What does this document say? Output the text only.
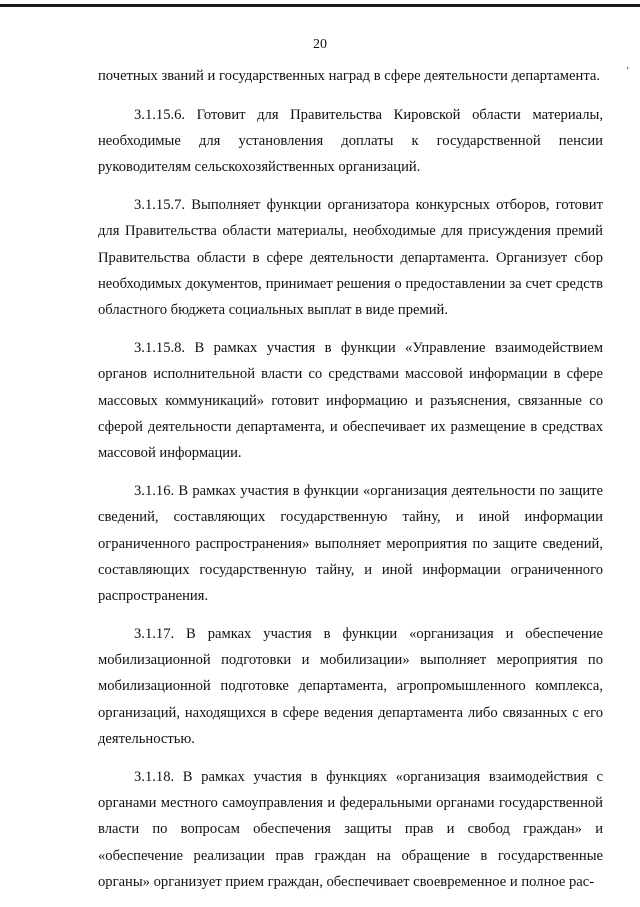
20
ʼ

почетных званий и государственных наград в сфере деятельности департамента.

3.1.15.6. Готовит для Правительства Кировской области материалы, необходимые для установления доплаты к государственной пенсии руководителям сельскохозяйственных организаций.

3.1.15.7. Выполняет функции организатора конкурсных отборов, готовит для Правительства области материалы, необходимые для присуждения премий Правительства области в сфере деятельности департамента. Организует сбор необходимых документов, принимает решения о предоставлении за счет средств областного бюджета социальных выплат в виде премий.

3.1.15.8. В рамках участия в функции «Управление взаимодействием органов исполнительной власти со средствами массовой информации в сфере массовых коммуникаций» готовит информацию и разъяснения, связанные со сферой деятельности департамента, и обеспечивает их размещение в средствах массовой информации.

3.1.16. В рамках участия в функции «организация деятельности по защите сведений, составляющих государственную тайну, и иной информации ограниченного распространения» выполняет мероприятия по защите сведений, составляющих государственную тайну, и иной информации ограниченного распространения.

3.1.17. В рамках участия в функции «организация и обеспечение мобилизационной подготовки и мобилизации» выполняет мероприятия по мобилизационной подготовке департамента, агропромышленного комплекса, организаций, находящихся в сфере ведения департамента либо связанных с его деятельностью.

3.1.18. В рамках участия в функциях «организация взаимодействия с органами местного самоуправления и федеральными органами государственной власти по вопросам обеспечения защиты прав и свобод граждан» и «обеспечение реализации прав граждан на обращение в государственные органы» организует прием граждан, обеспечивает своевременное и полное рас-
